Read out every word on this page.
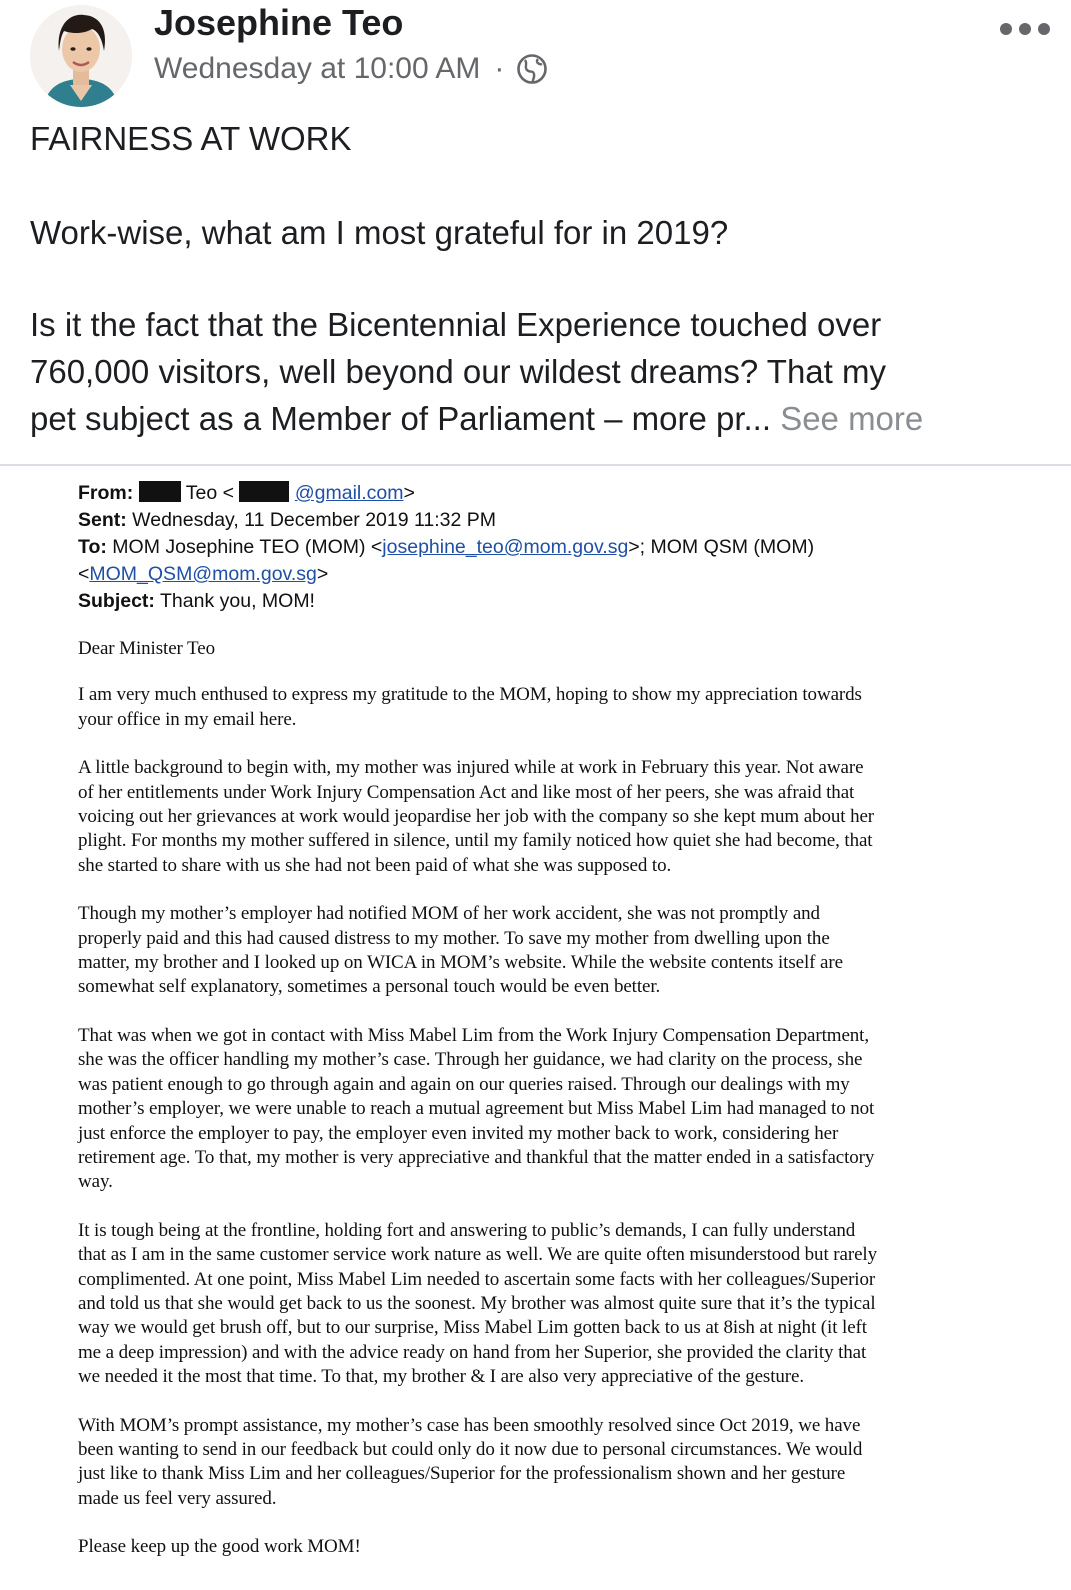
Josephine Teo
Wednesday at 10:00 AM ·
FAIRNESS AT WORK
Work-wise, what am I most grateful for in 2019?
Is it the fact that the Bicentennial Experience touched over
760,000 visitors, well beyond our wildest dreams? That my
pet subject as a Member of Parliament – more pr... See more
From:	Teo <	@gmail.com>
Sent: Wednesday, 11 December 2019 11:32 PM
To: MOM Josephine TEO (MOM) <josephine_teo@mom.gov.sg>; MOM QSM (MOM)
<MOM_QSM@mom.gov.sg>
Subject: Thank you, MOM!

Dear Minister Teo

I am very much enthused to express my gratitude to the MOM, hoping to show my appreciation towards
your office in my email here.

A little background to begin with, my mother was injured while at work in February this year. Not aware
of her entitlements under Work Injury Compensation Act and like most of her peers, she was afraid that
voicing out her grievances at work would jeopardise her job with the company so she kept mum about her
plight. For months my mother suffered in silence, until my family noticed how quiet she had become, that
she started to share with us she had not been paid of what she was supposed to.

Though my mother’s employer had notified MOM of her work accident, she was not promptly and
properly paid and this had caused distress to my mother. To save my mother from dwelling upon the
matter, my brother and I looked up on WICA in MOM’s website. While the website contents itself are
somewhat self explanatory, sometimes a personal touch would be even better.

That was when we got in contact with Miss Mabel Lim from the Work Injury Compensation Department,
she was the officer handling my mother’s case. Through her guidance, we had clarity on the process, she
was patient enough to go through again and again on our queries raised. Through our dealings with my
mother’s employer, we were unable to reach a mutual agreement but Miss Mabel Lim had managed to not
just enforce the employer to pay, the employer even invited my mother back to work, considering her
retirement age. To that, my mother is very appreciative and thankful that the matter ended in a satisfactory
way.

It is tough being at the frontline, holding fort and answering to public’s demands, I can fully understand
that as I am in the same customer service work nature as well. We are quite often misunderstood but rarely
complimented. At one point, Miss Mabel Lim needed to ascertain some facts with her colleagues/Superior
and told us that she would get back to us the soonest. My brother was almost quite sure that it’s the typical
way we would get brush off, but to our surprise, Miss Mabel Lim gotten back to us at 8ish at night (it left
me a deep impression) and with the advice ready on hand from her Superior, she provided the clarity that
we needed it the most that time. To that, my brother & I are also very appreciative of the gesture.

With MOM’s prompt assistance, my mother’s case has been smoothly resolved since Oct 2019, we have
been wanting to send in our feedback but could only do it now due to personal circumstances. We would
just like to thank Miss Lim and her colleagues/Superior for the professionalism shown and her gesture
made us feel very assured.

Please keep up the good work MOM!
